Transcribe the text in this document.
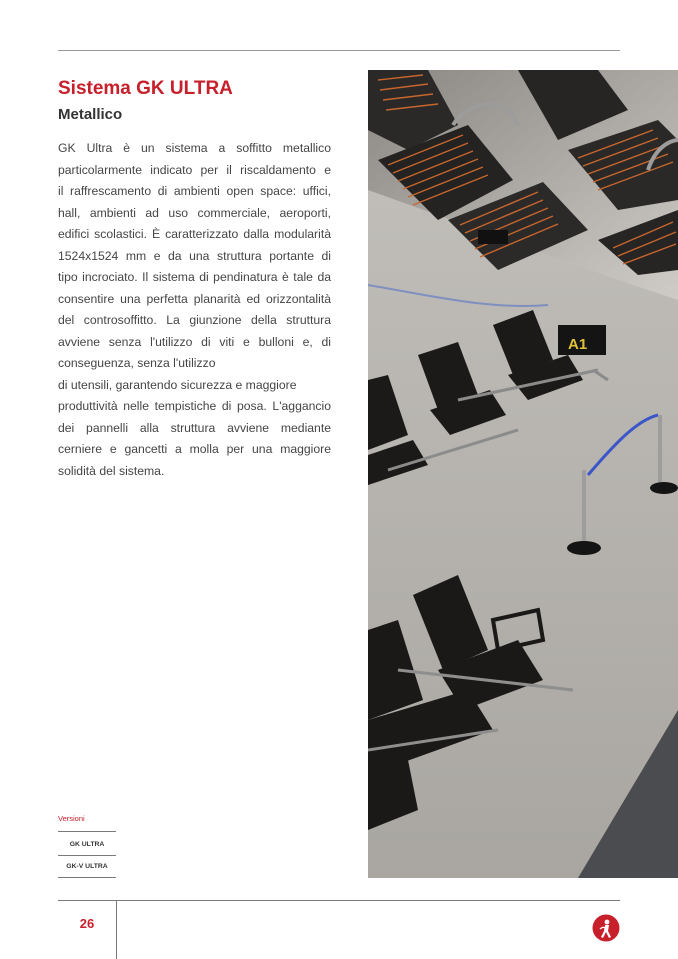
Sistema GK ULTRA
Metallico

GK Ultra è un sistema a soffitto metallico
particolarmente indicato per il riscaldamento e
il raffrescamento di ambienti open space: uffici,
hall, ambienti ad uso commerciale, aeroporti,
edifici scolastici. È caratterizzato dalla modularità
1524x1524 mm e da una struttura portante di
tipo incrociato. Il sistema di pendinatura è tale da
consentire una perfetta planarità ed orizzontalità
del controsoffitto. La giunzione della struttura
avviene senza l'utilizzo di viti e bulloni e, di
conseguenza, senza l'utilizzo
di utensili, garantendo sicurezza e maggiore
produttività nelle tempistiche di posa. L'aggancio
dei pannelli alla struttura avviene mediante
cerniere e gancetti a molla per una maggiore
solidità del sistema.

A1
Versioni
GK ULTRA
GK-V ULTRA
26
